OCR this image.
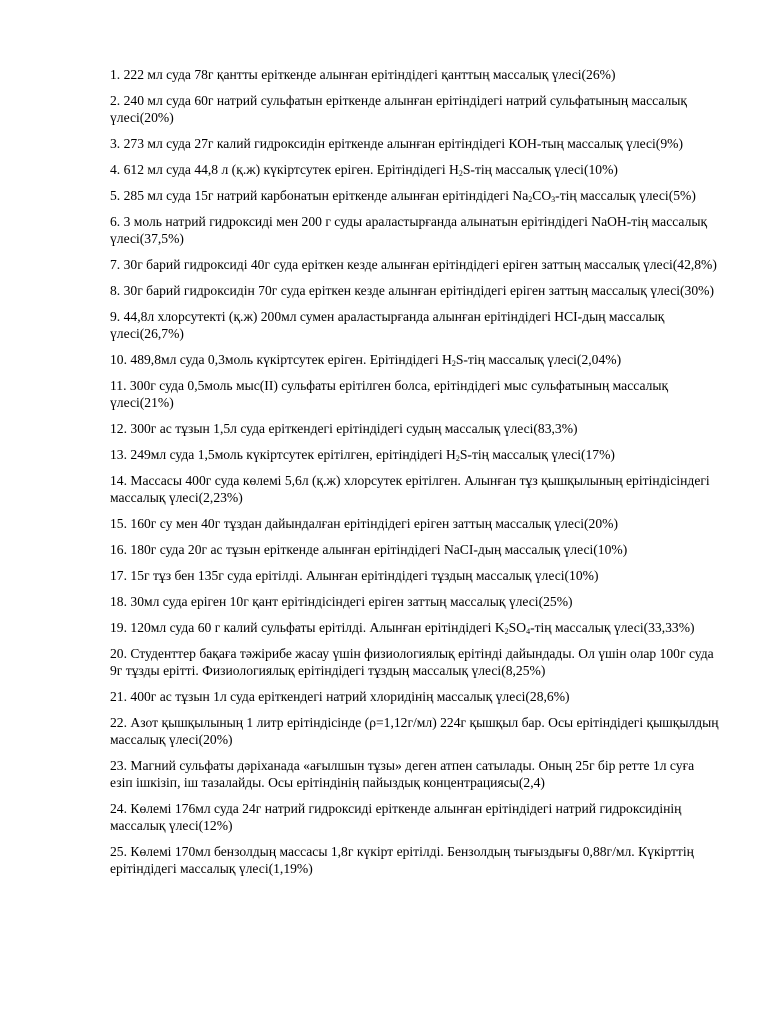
1. 222 мл суда 78г қантты еріткенде алынған ерітіндідегі қанттың массалық үлесі(26%)
2. 240 мл суда 60г натрий сульфатын еріткенде алынған ерітіндідегі натрий сульфатының массалық үлесі(20%)
3. 273 мл суда 27г калий гидроксидін еріткенде алынған ерітіндідегі КОН-тың массалық үлесі(9%)
4. 612 мл суда 44,8 л (қ.ж) күкіртсутек еріген. Ерітіндідегі $H_2S$-тің массалық үлесі(10%)
5. 285 мл суда 15г натрий карбонатын еріткенде алынған ерітіндідегі $Na_2CO_3$-тің массалық үлесі(5%)
6. 3 моль натрий гидроксиді мен 200 г суды араластырғанда алынатын ерітіндідегі NaOH-тің массалық үлесі(37,5%)
7. 30г барий гидроксиді 40г суда еріткен кезде алынған ерітіндідегі еріген заттың массалық үлесі(42,8%)
8. 30г барий гидроксидін 70г суда еріткен кезде алынған ерітіндідегі еріген заттың массалық үлесі(30%)
9. 44,8л хлорсутекті (қ.ж) 200мл сумен араластырғанда алынған ерітіндідегі НСІ-дың массалық үлесі(26,7%)
10. 489,8мл суда 0,3моль күкіртсутек еріген. Ерітіндідегі $H_2S$-тің массалық үлесі(2,04%)
11. 300г суда 0,5моль мыс(II) сульфаты ерітілген болса, ерітіндідегі мыс сульфатының массалық үлесі(21%)
12. 300г ас тұзын 1,5л суда еріткендегі ерітіндідегі судың массалық үлесі(83,3%)
13. 249мл суда 1,5моль күкіртсутек ерітілген, ерітіндідегі $H_2S$-тің массалық үлесі(17%)
14. Массасы 400г суда көлемі 5,6л (қ.ж) хлорсутек ерітілген. Алынған тұз қышқылының ерітіндісіндегі массалық үлесі(2,23%)
15. 160г су мен 40г тұздан дайындалған ерітіндідегі еріген заттың массалық үлесі(20%)
16. 180г суда 20г ас тұзын еріткенде алынған ерітіндідегі NaCI-дың массалық үлесі(10%)
17. 15г тұз бен 135г суда ерітілді. Алынған ерітіндідегі тұздың массалық үлесі(10%)
18. 30мл суда еріген 10г қант ерітіндісіндегі еріген заттың массалық үлесі(25%)
19. 120мл суда 60 г калий сульфаты ерітілді. Алынған ерітіндідегі $K_2SO_4$-тің массалық үлесі(33,33%)
20. Студенттер бақаға тәжірибе жасау үшін физиологиялық ерітінді дайындады. Ол үшін олар 100г суда 9г тұзды ерітті. Физиологиялық ерітіндідегі тұздың массалық үлесі(8,25%)
21. 400г ас тұзын 1л суда еріткендегі натрий хлоридінің массалық үлесі(28,6%)
22. Азот қышқылының 1 литр ерітіндісінде (ρ=1,12г/мл) 224г қышқыл бар. Осы ерітіндідегі қышқылдың массалық үлесі(20%)
23. Магний сульфаты дәріханада «ағылшын тұзы» деген атпен сатылады. Оның 25г бір ретте 1л суға езіп ішкізіп, іш тазалайды. Осы ерітіндінің пайыздық концентрациясы(2,4)
24. Көлемі 176мл суда 24г натрий гидроксиді еріткенде алынған ерітіндідегі натрий гидроксидінің массалық үлесі(12%)
25. Көлемі 170мл бензолдың массасы 1,8г күкірт ерітілді. Бензолдың тығыздығы 0,88г/мл. Күкірттің ерітіндідегі массалық үлесі(1,19%)
